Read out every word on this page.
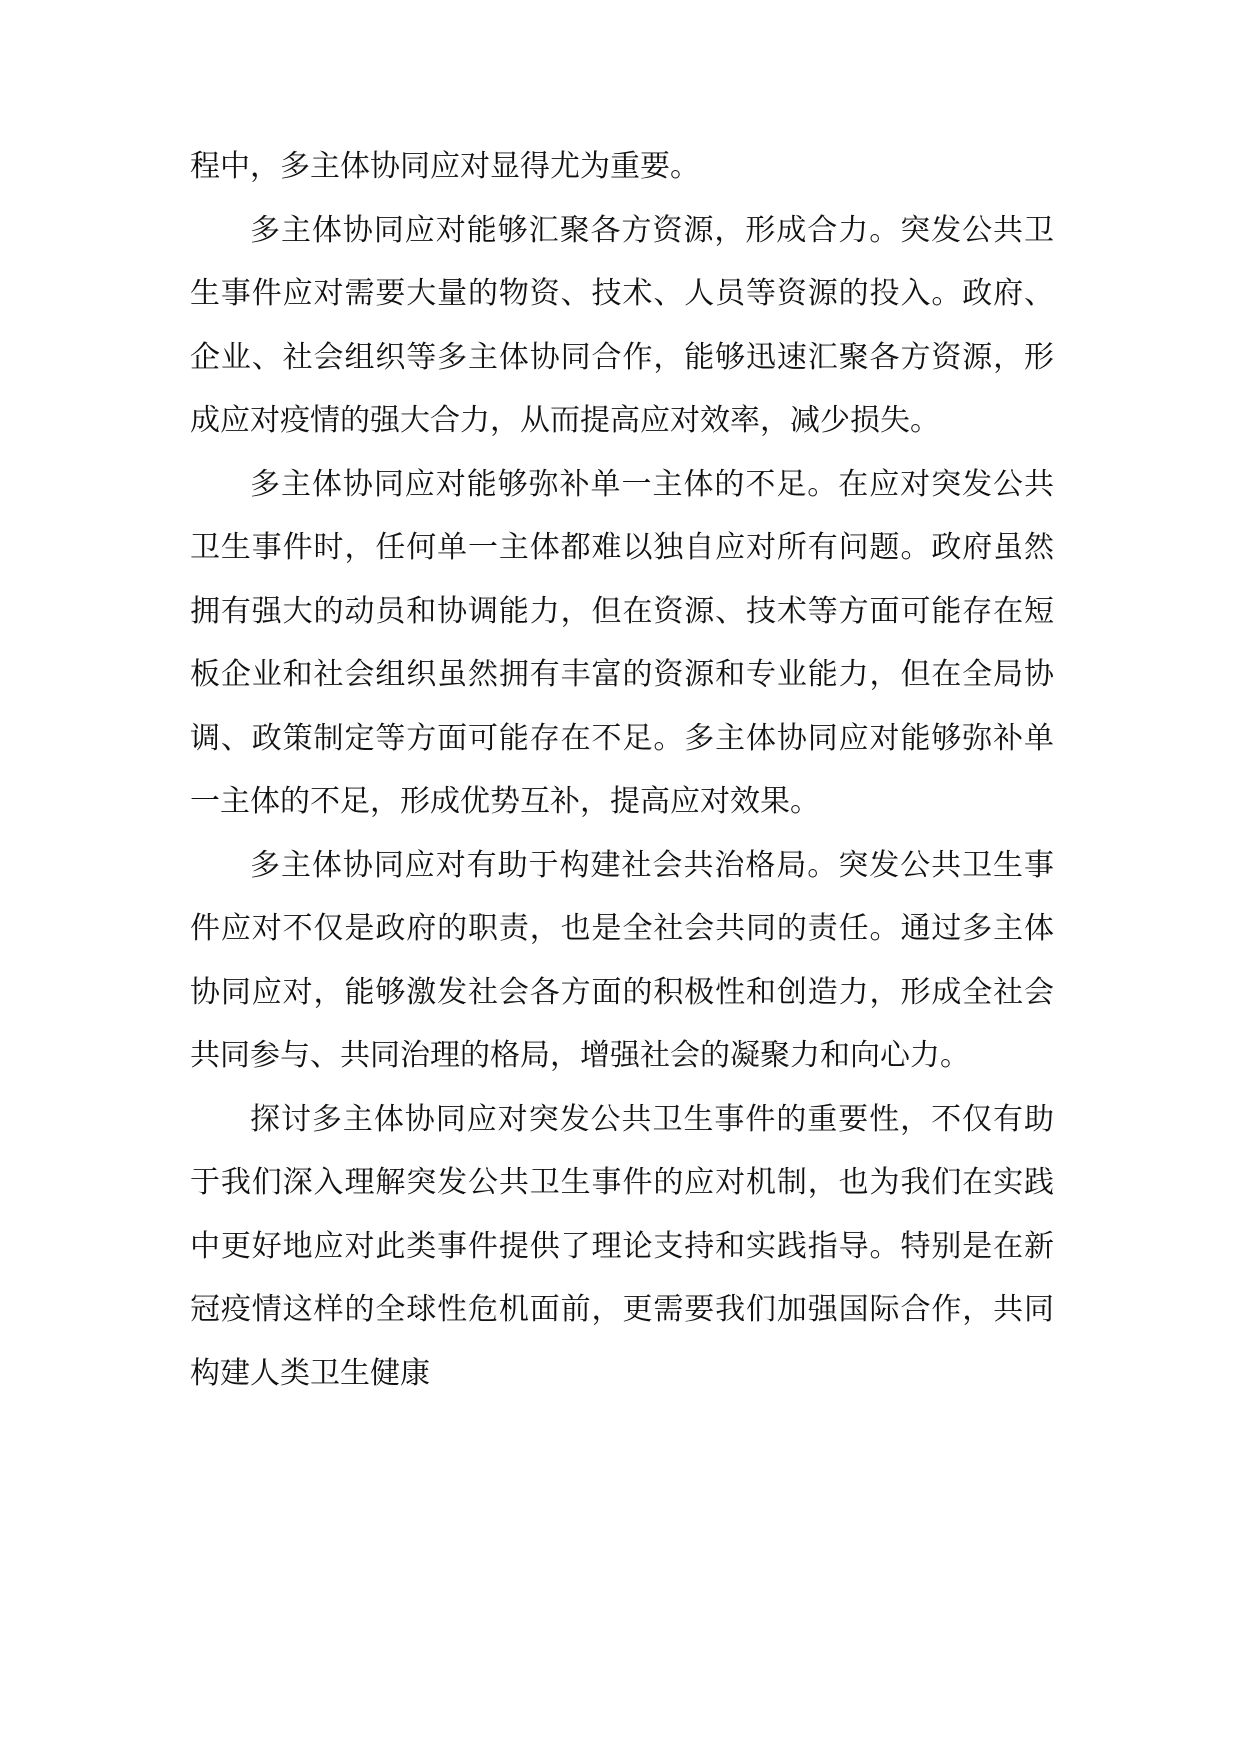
程中，多主体协同应对显得尤为重要。

多主体协同应对能够汇聚各方资源，形成合力。突发公共卫生事件应对需要大量的物资、技术、人员等资源的投入。政府、企业、社会组织等多主体协同合作，能够迅速汇聚各方资源，形成应对疫情的强大合力，从而提高应对效率，减少损失。

多主体协同应对能够弥补单一主体的不足。在应对突发公共卫生事件时，任何单一主体都难以独自应对所有问题。政府虽然拥有强大的动员和协调能力，但在资源、技术等方面可能存在短板企业和社会组织虽然拥有丰富的资源和专业能力，但在全局协调、政策制定等方面可能存在不足。多主体协同应对能够弥补单一主体的不足，形成优势互补，提高应对效果。

多主体协同应对有助于构建社会共治格局。突发公共卫生事件应对不仅是政府的职责，也是全社会共同的责任。通过多主体协同应对，能够激发社会各方面的积极性和创造力，形成全社会共同参与、共同治理的格局，增强社会的凝聚力和向心力。

探讨多主体协同应对突发公共卫生事件的重要性，不仅有助于我们深入理解突发公共卫生事件的应对机制，也为我们在实践中更好地应对此类事件提供了理论支持和实践指导。特别是在新冠疫情这样的全球性危机面前，更需要我们加强国际合作，共同构建人类卫生健康
